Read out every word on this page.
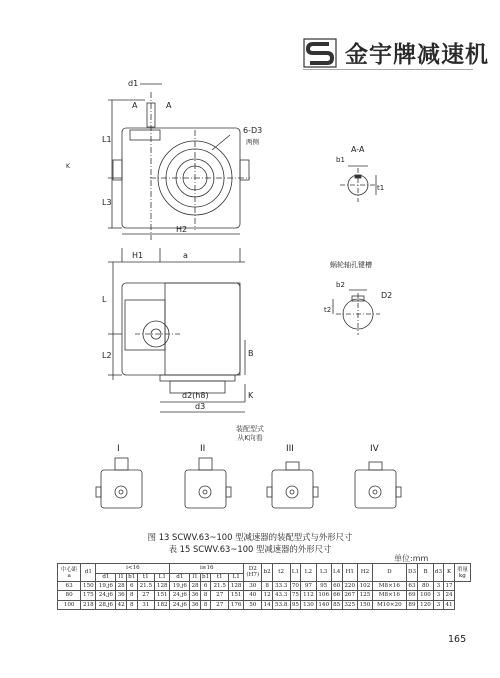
金宇牌减速机
d1
A	A
L1
L3
H2
6-D3
两侧
K
A-A
b1
t1
H1	a
L
L2	B
d2(h8)
d3
K
蜗轮轴孔键槽
b2
D2
t2
I	II	III	IV
装配型式
从K向看
图 13 SCWV.63~100 型减速器的装配型式与外形尺寸
表 15 SCWV.63~100 型减速器的外形尺寸
单位:mm
中心距
a	d1	i<16					i≥16					D2
(H7)	b2	t2	L1	L2	L3	L4	H1	H2	D	D3	B	d3	K	重量
kg
		d1	l1	b1	t1	L1	d1	l1	b1	t1	L1															
63	150	19,j6	28	6	21.5	128	19,j6	28	6	21.5	128	30	8	33.3	70	97	95	60	220	102	M8×16	63	80	3	17	
80	175	24,j6	36	8	27	151	24,j6	36	8	27	151	40	12	43.3	75	112	106	66	267	125	M8×16	69	100	3	24	
100	218	28,j6	42	8	31	182	24,j6	36	8	27	176	50	14	53.8	95	130	140	85	325	150	M10×20	89	120	3	41	
165
